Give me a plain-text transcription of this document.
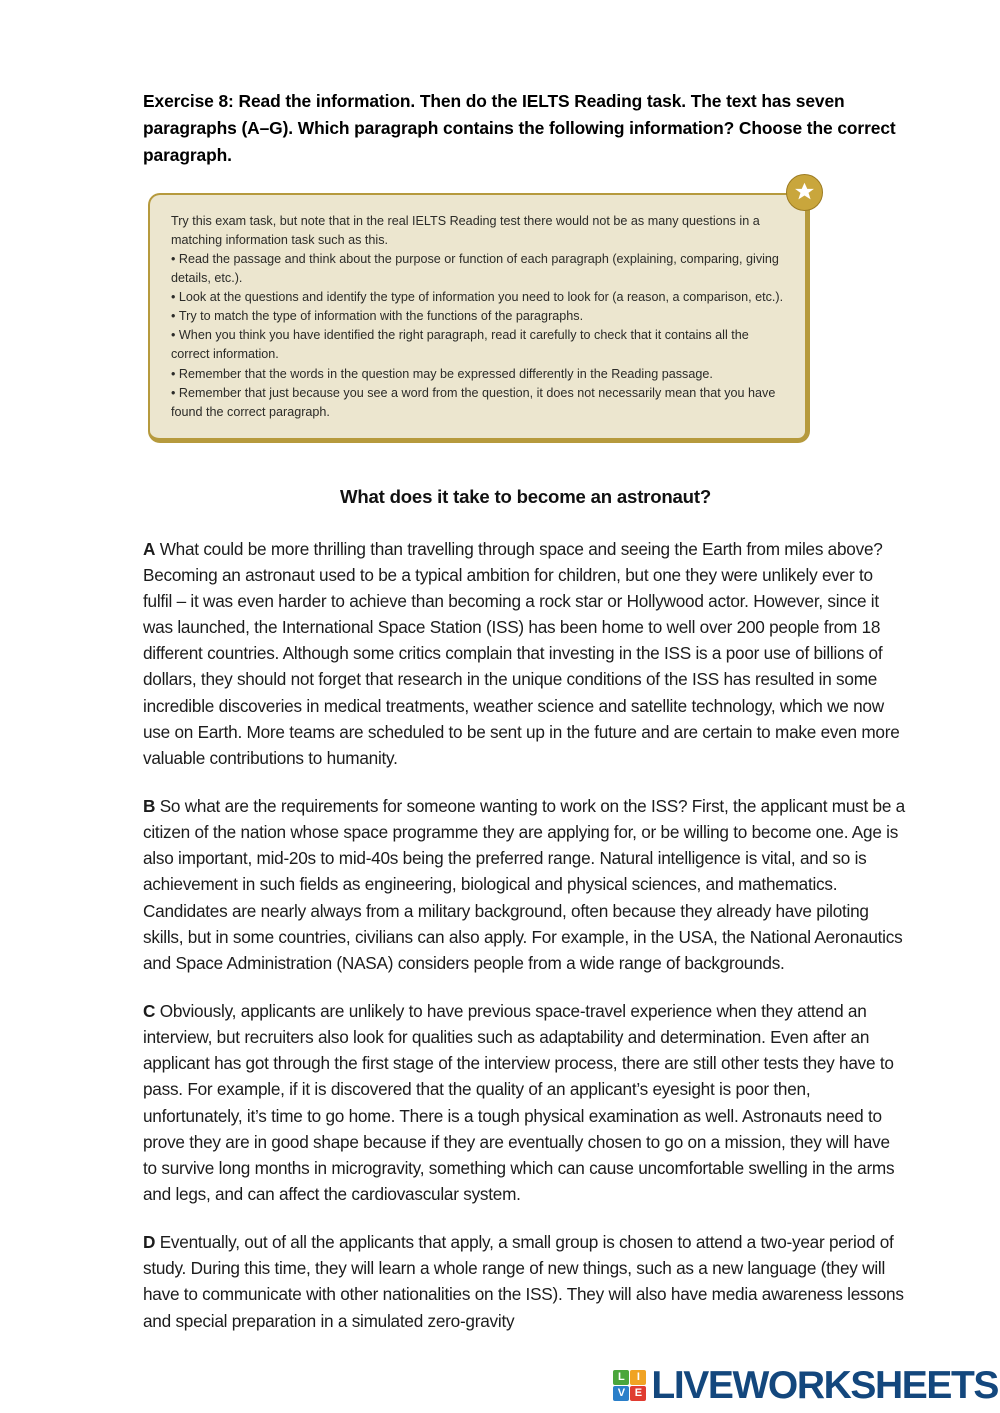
Exercise 8: Read the information. Then do the IELTS Reading task. The text has seven paragraphs (A–G). Which paragraph contains the following information? Choose the correct paragraph.

Try this exam task, but note that in the real IELTS Reading test there would not be as many questions in a matching information task such as this.

• Read the passage and think about the purpose or function of each paragraph (explaining, comparing, giving details, etc.).
• Look at the questions and identify the type of information you need to look for (a reason, a comparison, etc.).
• Try to match the type of information with the functions of the paragraphs.
• When you think you have identified the right paragraph, read it carefully to check that it contains all the correct information.
• Remember that the words in the question may be expressed differently in the Reading passage.
• Remember that just because you see a word from the question, it does not necessarily mean that you have found the correct paragraph.
What does it take to become an astronaut?

A What could be more thrilling than travelling through space and seeing the Earth from miles above? Becoming an astronaut used to be a typical ambition for children, but one they were unlikely ever to fulfil – it was even harder to achieve than becoming a rock star or Hollywood actor. However, since it was launched, the International Space Station (ISS) has been home to well over 200 people from 18 different countries. Although some critics complain that investing in the ISS is a poor use of billions of dollars, they should not forget that research in the unique conditions of the ISS has resulted in some incredible discoveries in medical treatments, weather science and satellite technology, which we now use on Earth. More teams are scheduled to be sent up in the future and are certain to make even more valuable contributions to humanity.

B So what are the requirements for someone wanting to work on the ISS? First, the applicant must be a citizen of the nation whose space programme they are applying for, or be willing to become one. Age is also important, mid-20s to mid-40s being the preferred range. Natural intelligence is vital, and so is achievement in such fields as engineering, biological and physical sciences, and mathematics. Candidates are nearly always from a military background, often because they already have piloting skills, but in some countries, civilians can also apply. For example, in the USA, the National Aeronautics and Space Administration (NASA) considers people from a wide range of backgrounds.

C Obviously, applicants are unlikely to have previous space-travel experience when they attend an interview, but recruiters also look for qualities such as adaptability and determination. Even after an applicant has got through the first stage of the interview process, there are still other tests they have to pass. For example, if it is discovered that the quality of an applicant’s eyesight is poor then, unfortunately, it’s time to go home. There is a tough physical examination as well. Astronauts need to prove they are in good shape because if they are eventually chosen to go on a mission, they will have to survive long months in microgravity, something which can cause uncomfortable swelling in the arms and legs, and can affect the cardiovascular system.

D Eventually, out of all the applicants that apply, a small group is chosen to attend a two-year period of study. During this time, they will learn a whole range of new things, such as a new language (they will have to communicate with other nationalities on the ISS). They will also have media awareness lessons and special preparation in a simulated zero-gravity

L	I
V E LIVEWORKSHEETS
